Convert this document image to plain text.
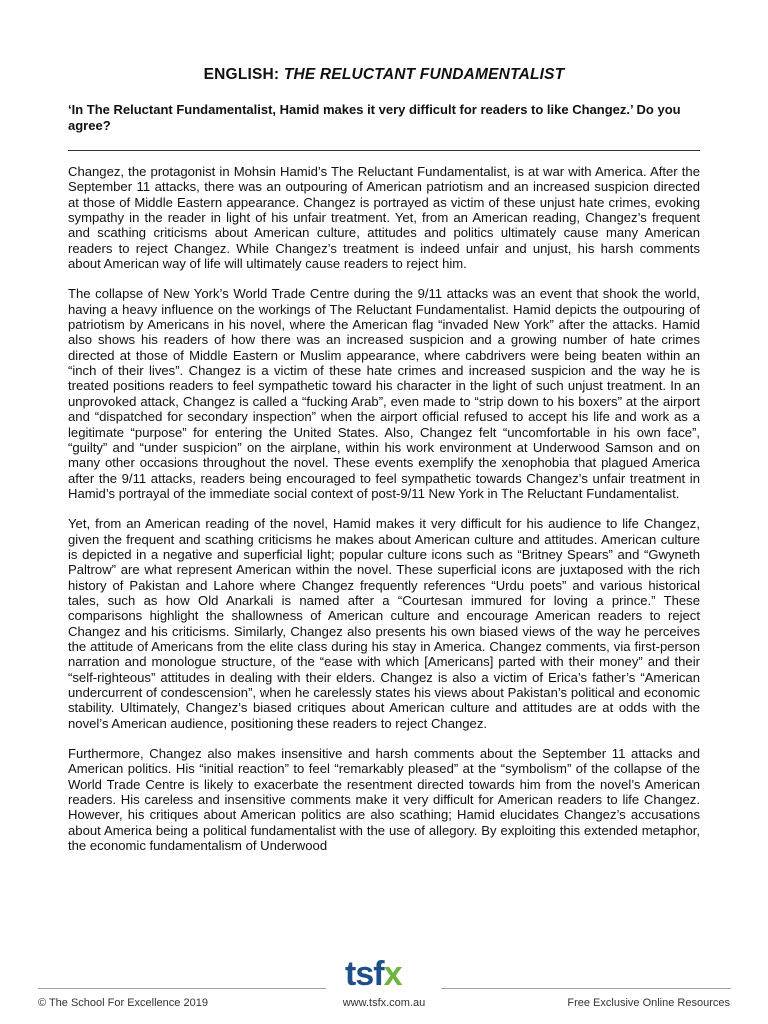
ENGLISH: THE RELUCTANT FUNDAMENTALIST
‘In The Reluctant Fundamentalist, Hamid makes it very difficult for readers to like Changez.’ Do you agree?

Changez, the protagonist in Mohsin Hamid’s The Reluctant Fundamentalist, is at war with America. After the September 11 attacks, there was an outpouring of American patriotism and an increased suspicion directed at those of Middle Eastern appearance. Changez is portrayed as victim of these unjust hate crimes, evoking sympathy in the reader in light of his unfair treatment. Yet, from an American reading, Changez’s frequent and scathing criticisms about American culture, attitudes and politics ultimately cause many American readers to reject Changez. While Changez’s treatment is indeed unfair and unjust, his harsh comments about American way of life will ultimately cause readers to reject him.

The collapse of New York’s World Trade Centre during the 9/11 attacks was an event that shook the world, having a heavy influence on the workings of The Reluctant Fundamentalist. Hamid depicts the outpouring of patriotism by Americans in his novel, where the American flag “invaded New York” after the attacks. Hamid also shows his readers of how there was an increased suspicion and a growing number of hate crimes directed at those of Middle Eastern or Muslim appearance, where cabdrivers were being beaten within an “inch of their lives”. Changez is a victim of these hate crimes and increased suspicion and the way he is treated positions readers to feel sympathetic toward his character in the light of such unjust treatment. In an unprovoked attack, Changez is called a “fucking Arab”, even made to “strip down to his boxers” at the airport and “dispatched for secondary inspection” when the airport official refused to accept his life and work as a legitimate “purpose” for entering the United States. Also, Changez felt “uncomfortable in his own face”, “guilty” and “under suspicion” on the airplane, within his work environment at Underwood Samson and on many other occasions throughout the novel. These events exemplify the xenophobia that plagued America after the 9/11 attacks, readers being encouraged to feel sympathetic towards Changez’s unfair treatment in Hamid’s portrayal of the immediate social context of post-9/11 New York in The Reluctant Fundamentalist.

Yet, from an American reading of the novel, Hamid makes it very difficult for his audience to life Changez, given the frequent and scathing criticisms he makes about American culture and attitudes. American culture is depicted in a negative and superficial light; popular culture icons such as “Britney Spears” and “Gwyneth Paltrow” are what represent American within the novel. These superficial icons are juxtaposed with the rich history of Pakistan and Lahore where Changez frequently references “Urdu poets” and various historical tales, such as how Old Anarkali is named after a “Courtesan immured for loving a prince.” These comparisons highlight the shallowness of American culture and encourage American readers to reject Changez and his criticisms. Similarly, Changez also presents his own biased views of the way he perceives the attitude of Americans from the elite class during his stay in America. Changez comments, via first-person narration and monologue structure, of the “ease with which [Americans] parted with their money” and their “self-righteous” attitudes in dealing with their elders. Changez is also a victim of Erica’s father’s “American undercurrent of condescension”, when he carelessly states his views about Pakistan’s political and economic stability. Ultimately, Changez’s biased critiques about American culture and attitudes are at odds with the novel’s American audience, positioning these readers to reject Changez.

Furthermore, Changez also makes insensitive and harsh comments about the September 11 attacks and American politics. His “initial reaction” to feel “remarkably pleased” at the “symbolism” of the collapse of the World Trade Centre is likely to exacerbate the resentment directed towards him from the novel’s American readers. His careless and insensitive comments make it very difficult for American readers to life Changez. However, his critiques about American politics are also scathing; Hamid elucidates Changez’s accusations about America being a political fundamentalist with the use of allegory. By exploiting this extended metaphor, the economic fundamentalism of Underwood

tsfx
© The School For Excellence 2019	www.tsfx.com.au	Free Exclusive Online Resources
